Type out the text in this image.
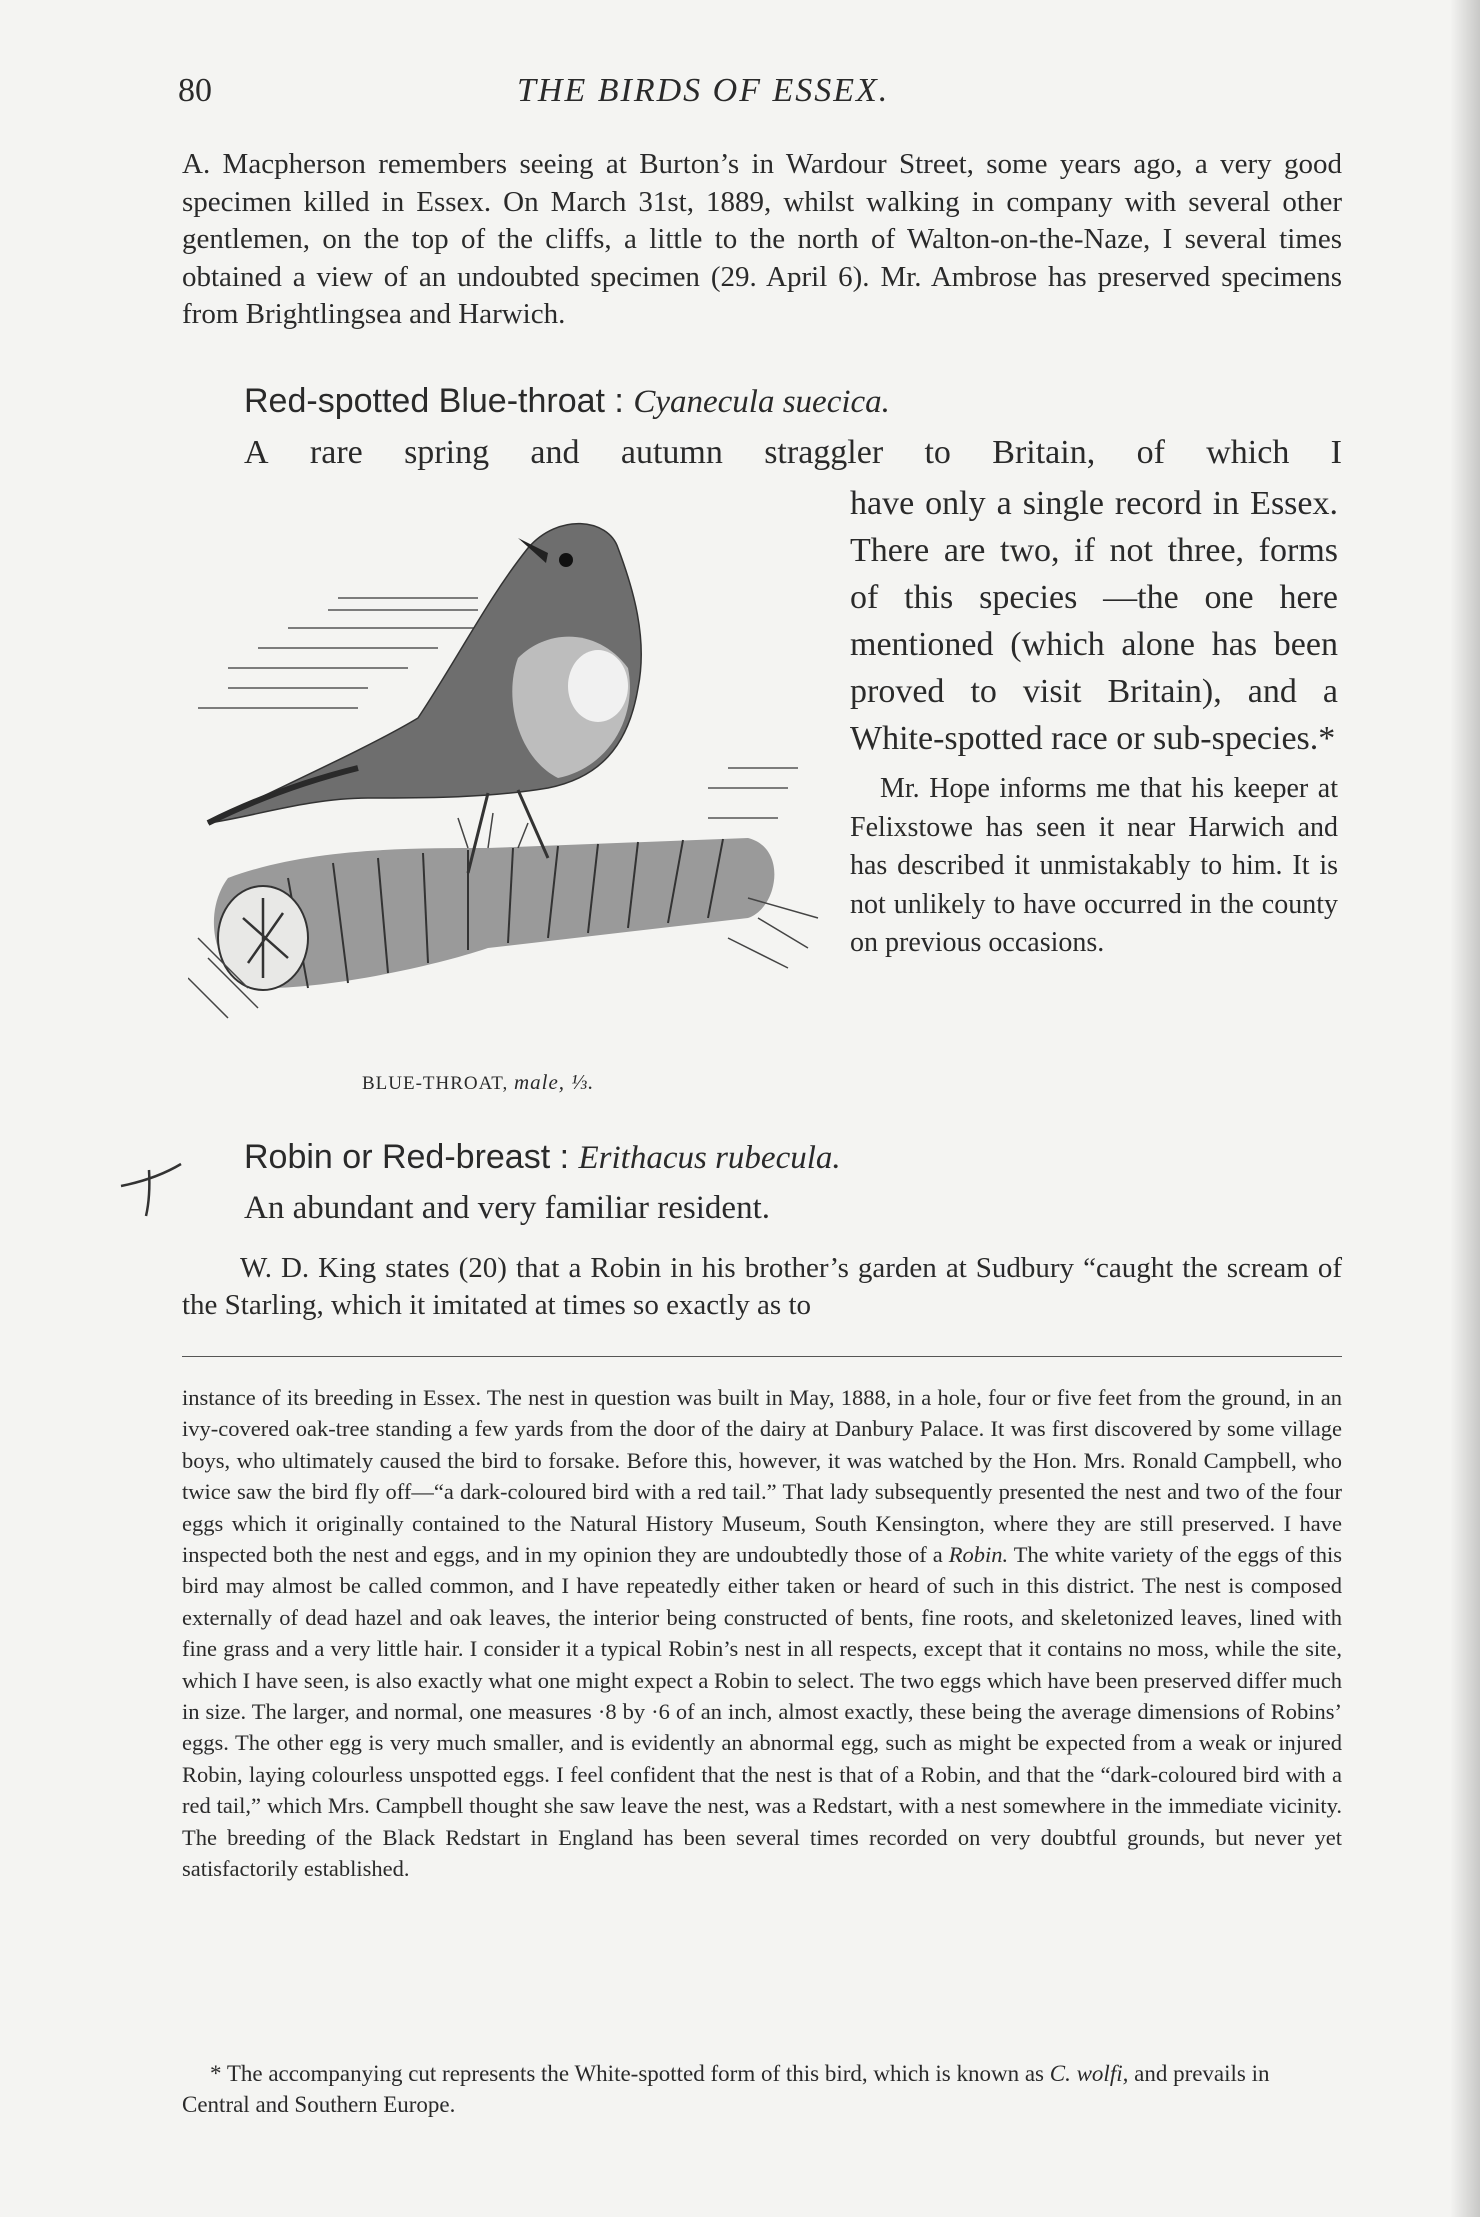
80	THE BIRDS OF ESSEX.

A. Macpherson remembers seeing at Burton’s in Wardour Street, some years ago, a very good specimen killed in Essex. On March 31st, 1889, whilst walking in company with several other gentlemen, on the top of the cliffs, a little to the north of Walton-on-the-Naze, I several times obtained a view of an undoubted specimen (29. April 6). Mr. Ambrose has preserved specimens from Brightlingsea and Harwich.

Red-spotted Blue-throat : Cyanecula suecica.
A rare spring and autumn straggler to Britain, of which I
have only a single record in Essex. There are two, if not three, forms of this species —the one here mentioned (which alone has been proved to visit Britain), and a White-spotted race or sub-species.*
Mr. Hope informs me that his keeper at Felixstowe has seen it near Harwich and has described it unmistakably to him. It is not unlikely to have occurred in the county on previous occasions.
BLUE-THROAT, male, ⅓.
Robin or Red-breast : Erithacus rubecula.
An abundant and very familiar resident.

W. D. King states (20) that a Robin in his brother’s garden at Sudbury “caught the scream of the Starling, which it imitated at times so exactly as to

instance of its breeding in Essex. The nest in question was built in May, 1888, in a hole, four or five feet from the ground, in an ivy-covered oak-tree standing a few yards from the door of the dairy at Danbury Palace. It was first discovered by some village boys, who ultimately caused the bird to forsake. Before this, however, it was watched by the Hon. Mrs. Ronald Campbell, who twice saw the bird fly off—“a dark-coloured bird with a red tail.” That lady subsequently presented the nest and two of the four eggs which it originally contained to the Natural History Museum, South Kensington, where they are still preserved. I have inspected both the nest and eggs, and in my opinion they are undoubtedly those of a Robin. The white variety of the eggs of this bird may almost be called common, and I have repeatedly either taken or heard of such in this district. The nest is composed externally of dead hazel and oak leaves, the interior being constructed of bents, fine roots, and skeletonized leaves, lined with fine grass and a very little hair. I consider it a typical Robin’s nest in all respects, except that it contains no moss, while the site, which I have seen, is also exactly what one might expect a Robin to select. The two eggs which have been preserved differ much in size. The larger, and normal, one measures ·8 by ·6 of an inch, almost exactly, these being the average dimensions of Robins’ eggs. The other egg is very much smaller, and is evidently an abnormal egg, such as might be expected from a weak or injured Robin, laying colourless unspotted eggs. I feel confident that the nest is that of a Robin, and that the “dark-coloured bird with a red tail,” which Mrs. Campbell thought she saw leave the nest, was a Redstart, with a nest somewhere in the immediate vicinity. The breeding of the Black Redstart in England has been several times recorded on very doubtful grounds, but never yet satisfactorily established.

* The accompanying cut represents the White-spotted form of this bird, which is known as C. wolfi, and prevails in Central and Southern Europe.
